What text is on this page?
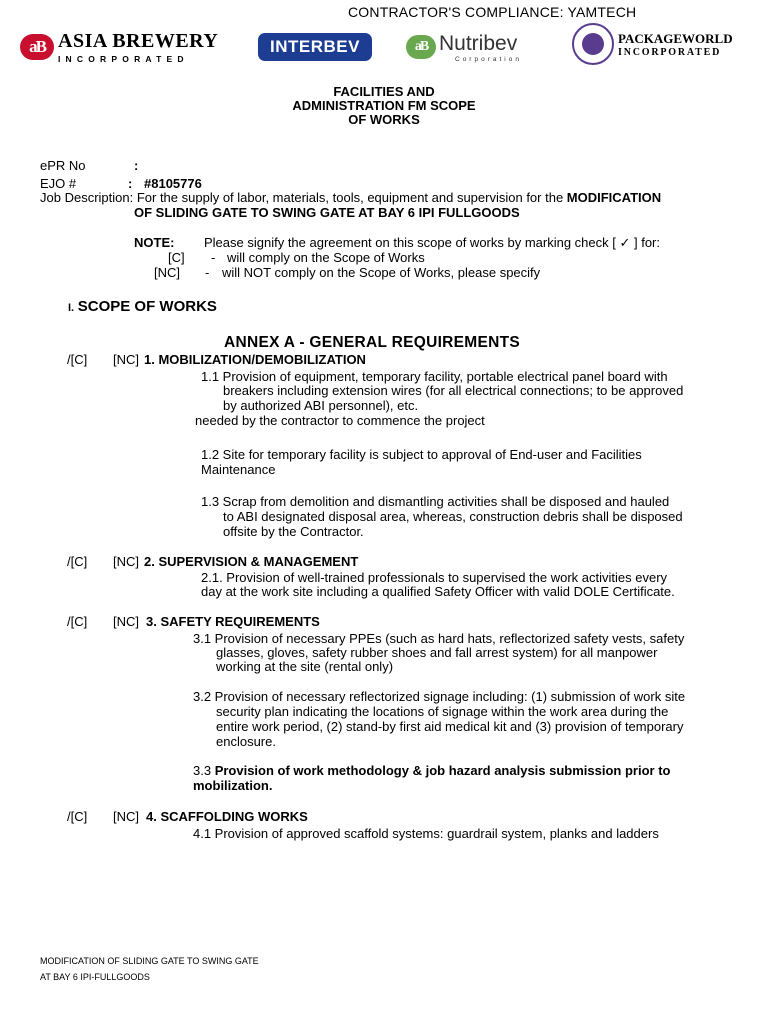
CONTRACTOR'S COMPLIANCE: YAMTECH
aB ASIA BREWERY
INCORPORATED
INTERBEV	aB Nutribev
Corporation
PACKAGEWORLD
INCORPORATED
FACILITIES AND
ADMINISTRATION FM SCOPE
OF WORKS
ePR No	:
EJO #	: #8105776
Job Description: For the supply of labor, materials, tools, equipment and supervision for the MODIFICATION
OF SLIDING GATE TO SWING GATE AT BAY 6 IPI FULLGOODS
NOTE: Please signify the agreement on this scope of works by marking check [ ✓ ] for:
[C] - will comply on the Scope of Works
[NC] - will NOT comply on the Scope of Works, please specify
I. SCOPE OF WORKS
ANNEX A - GENERAL REQUIREMENTS
/[C] [NC] 1. MOBILIZATION/DEMOBILIZATION
1.1 Provision of equipment, temporary facility, portable electrical panel board with
breakers including extension wires (for all electrical connections; to be approved
by authorized ABI personnel), etc.
needed by the contractor to commence the project
1.2 Site for temporary facility is subject to approval of End-user and Facilities
Maintenance
1.3 Scrap from demolition and dismantling activities shall be disposed and hauled
to ABI designated disposal area, whereas, construction debris shall be disposed
offsite by the Contractor.
/[C] [NC] 2. SUPERVISION & MANAGEMENT
2.1. Provision of well-trained professionals to supervised the work activities every
day at the work site including a qualified Safety Officer with valid DOLE Certificate.
/[C] [NC] 3. SAFETY REQUIREMENTS
3.1 Provision of necessary PPEs (such as hard hats, reflectorized safety vests, safety
glasses, gloves, safety rubber shoes and fall arrest system) for all manpower
working at the site (rental only)
3.2 Provision of necessary reflectorized signage including: (1) submission of work site
security plan indicating the locations of signage within the work area during the
entire work period, (2) stand-by first aid medical kit and (3) provision of temporary
enclosure.
3.3 Provision of work methodology & job hazard analysis submission prior to
mobilization.
/[C] [NC] 4. SCAFFOLDING WORKS
4.1 Provision of approved scaffold systems: guardrail system, planks and ladders
MODIFICATION OF SLIDING GATE TO SWING GATE
AT BAY 6 IPI-FULLGOODS
